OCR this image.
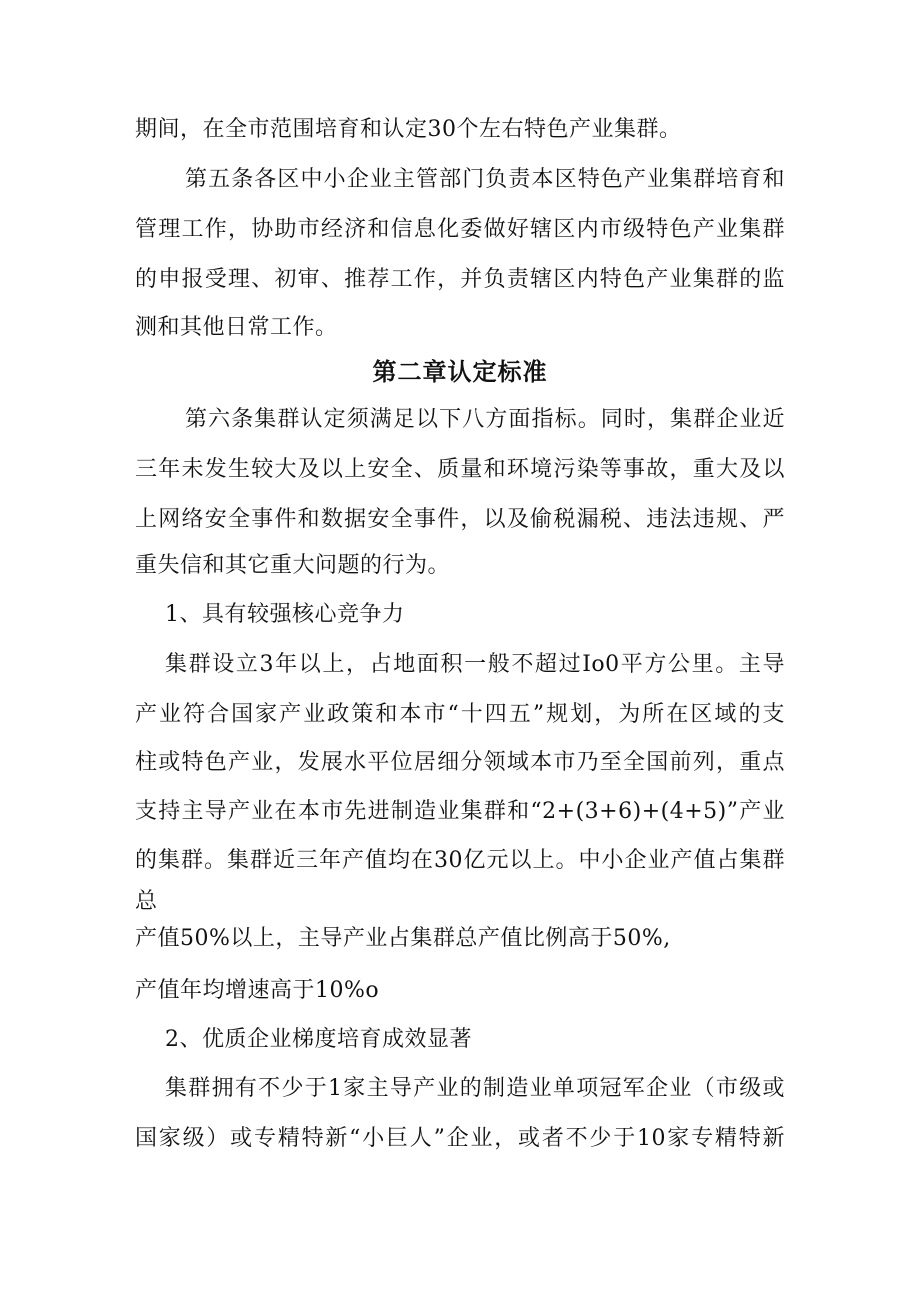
期间，在全市范围培育和认定30个左右特色产业集群。
第五条各区中小企业主管部门负责本区特色产业集群培育和
管理工作，协助市经济和信息化委做好辖区内市级特色产业集群
的申报受理、初审、推荐工作，并负责辖区内特色产业集群的监
测和其他日常工作。
第二章认定标准
第六条集群认定须满足以下八方面指标。同时，集群企业近
三年未发生较大及以上安全、质量和环境污染等事故，重大及以
上网络安全事件和数据安全事件，以及偷税漏税、违法违规、严
重失信和其它重大问题的行为。
1、具有较强核心竞争力
集群设立3年以上，占地面积一般不超过Io0平方公里。主导
产业符合国家产业政策和本市“十四五”规划，为所在区域的支
柱或特色产业，发展水平位居细分领域本市乃至全国前列，重点
支持主导产业在本市先进制造业集群和“2+(3+6)+(4+5)”产业
的集群。集群近三年产值均在30亿元以上。中小企业产值占集群
总
产值50%以上，主导产业占集群总产值比例高于50%,
产值年均增速高于10%o
2、优质企业梯度培育成效显著
集群拥有不少于1家主导产业的制造业单项冠军企业（市级或
国家级）或专精特新“小巨人”企业，或者不少于10家专精特新
